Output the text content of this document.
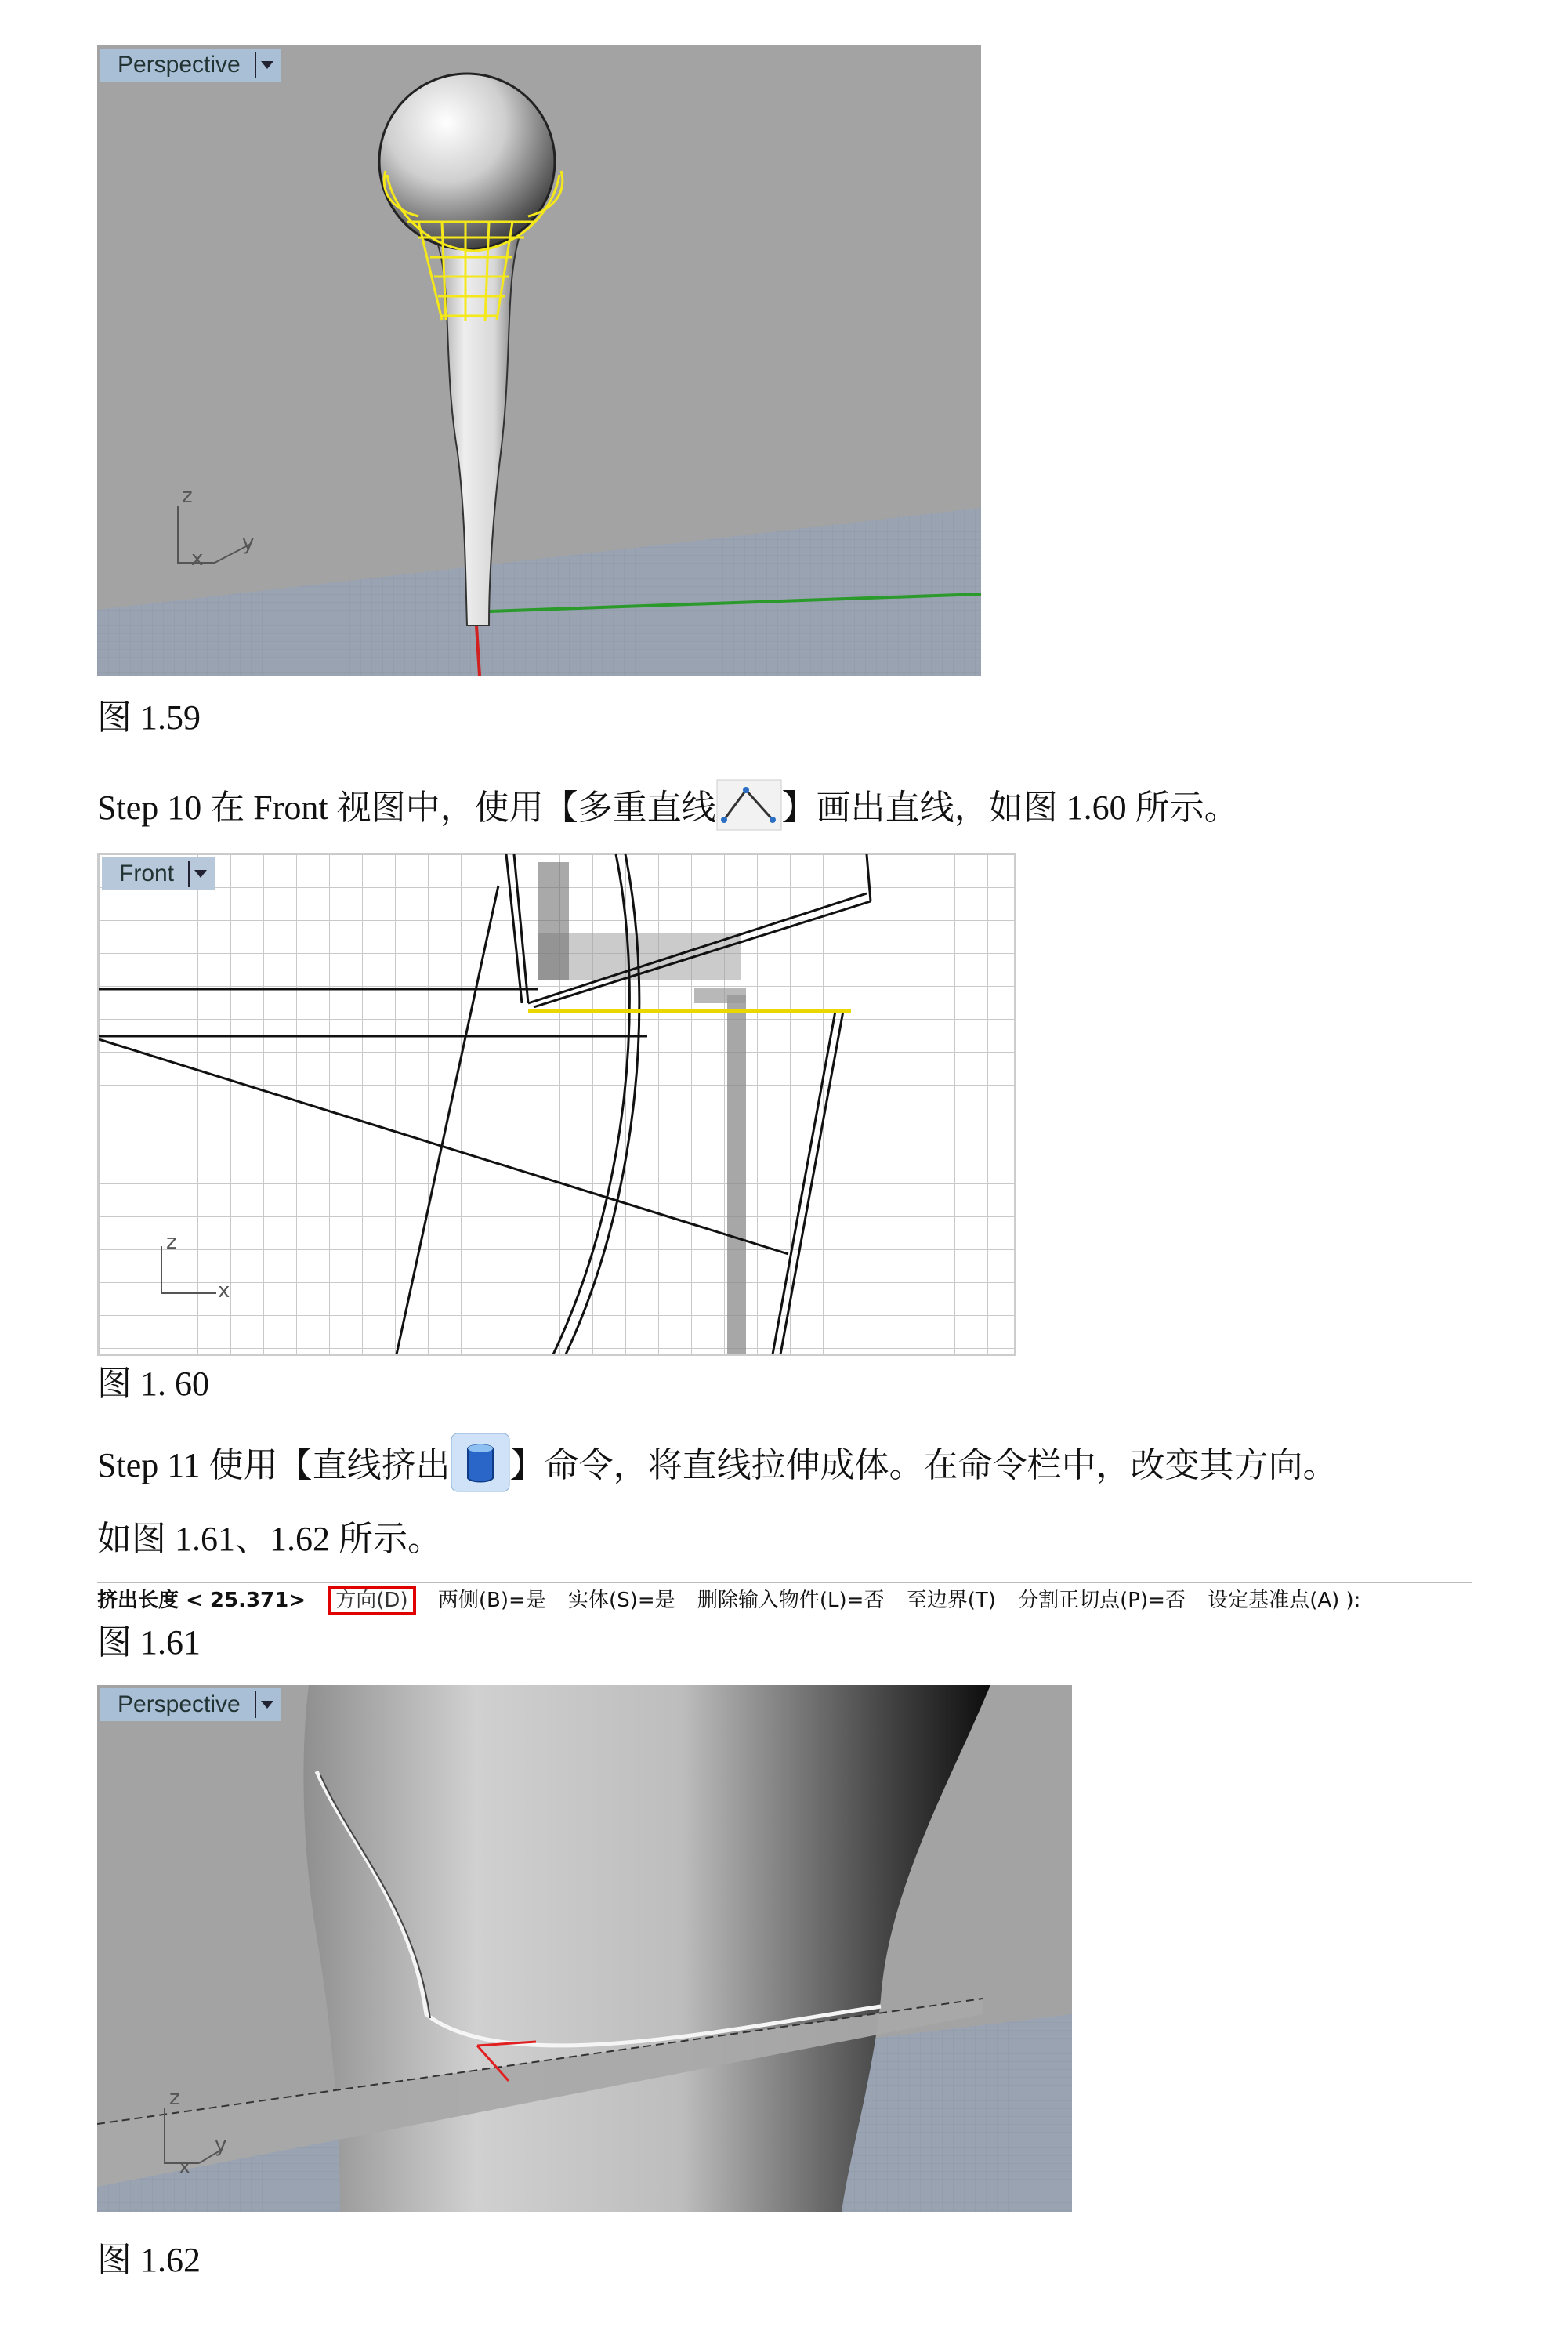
Perspective
z
x
y
图 1.59
Step 10 在 Front 视图中，使用【多重直线 】画出直线，如图 1.60 所示。
Front
z
x
图 1. 60
Step 11 使用【直线挤出 】命令，将直线拉伸成体。在命令栏中，改变其方向。
如图 1.61、1.62 所示。
挤出长度 < 25.371> 方向(D) 两侧(B)=是 实体(S)=是 删除输入物件(L)=否 至边界(T) 分割正切点(P)=否 设定基准点(A) ):
图 1.61
Perspective
z
x
y
图 1.62
